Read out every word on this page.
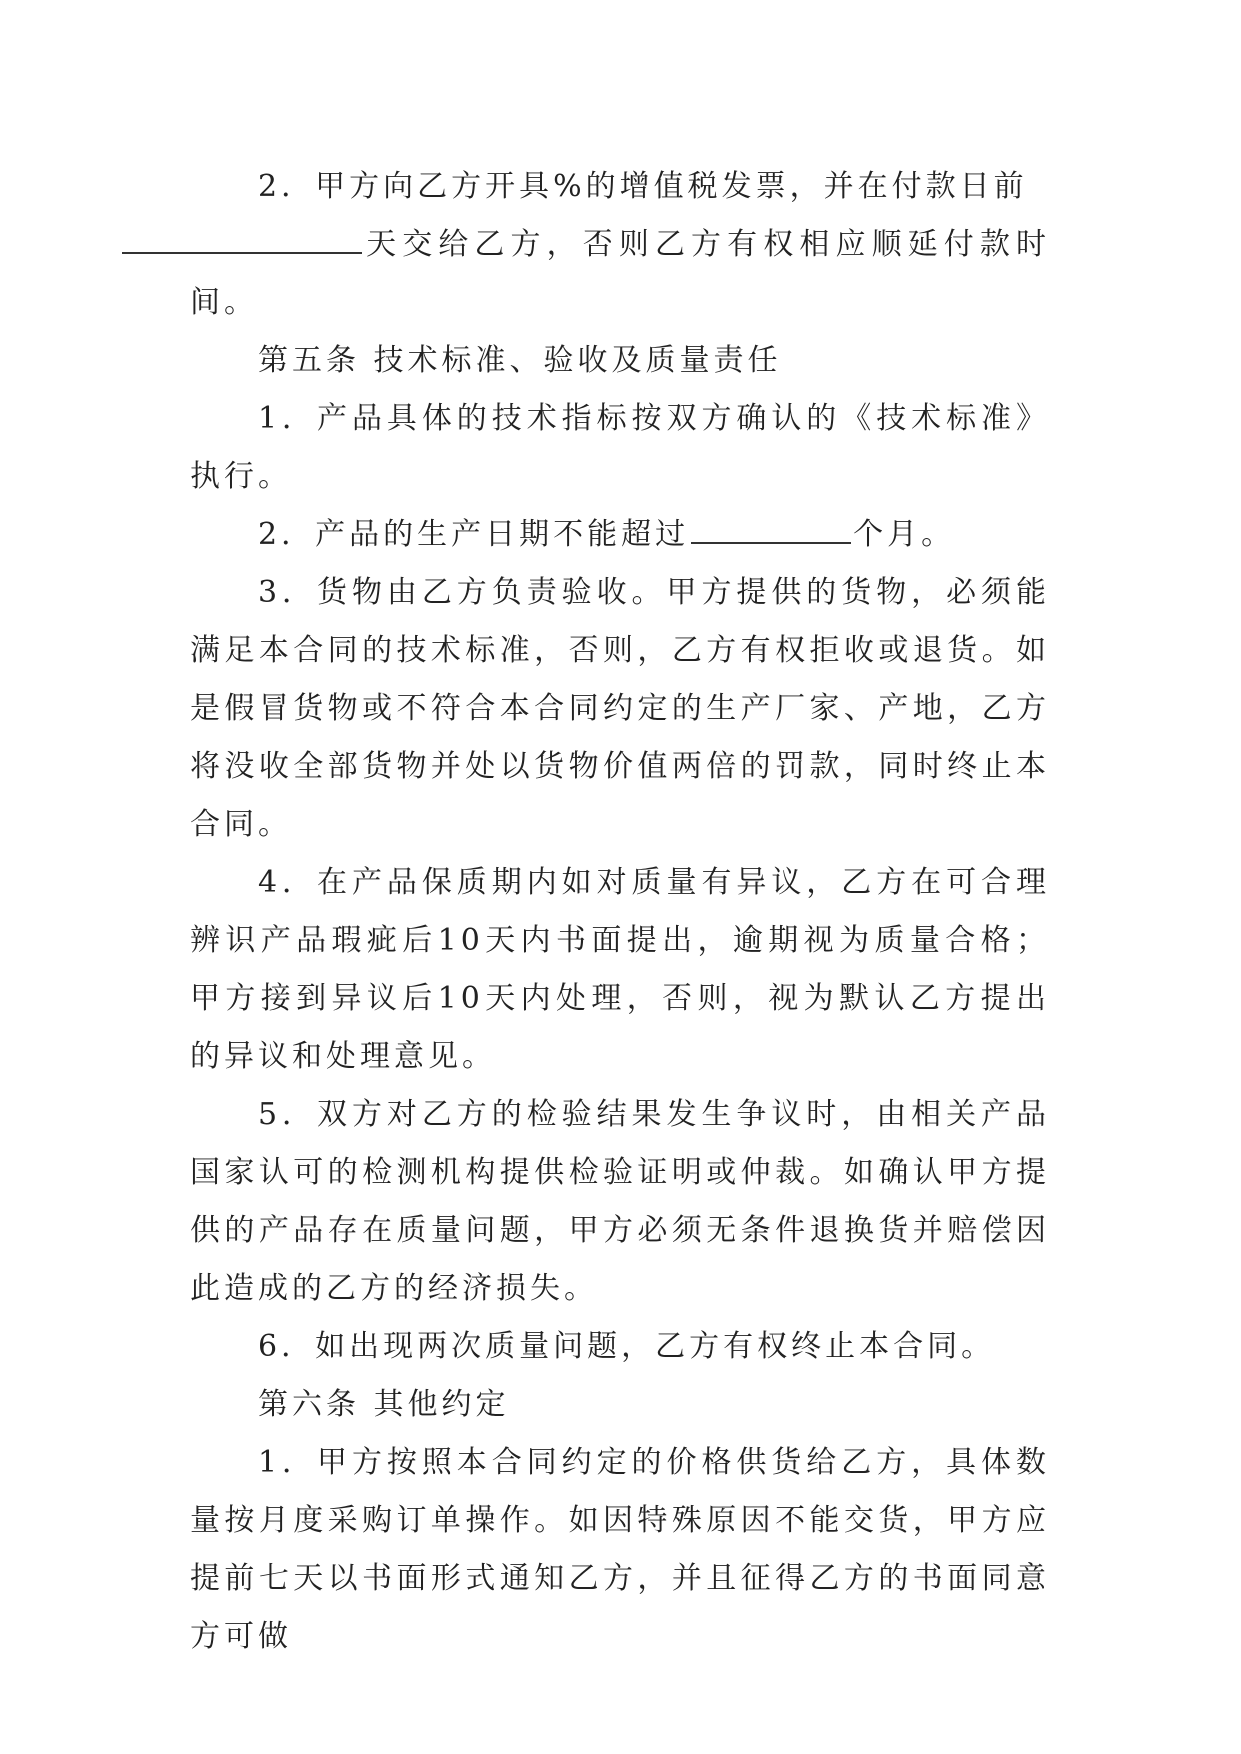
2．甲方向乙方开具%的增值税发票，并在付款日前
天交给乙方，否则乙方有权相应顺延付款时间。

第五条 技术标准、验收及质量责任

1．产品具体的技术指标按双方确认的《技术标准》执行。

2．产品的生产日期不能超过	个月。

3．货物由乙方负责验收。甲方提供的货物，必须能满足本合同的技术标准，否则，乙方有权拒收或退货。如是假冒货物或不符合本合同约定的生产厂家、产地，乙方将没收全部货物并处以货物价值两倍的罚款，同时终止本合同。

4．在产品保质期内如对质量有异议，乙方在可合理辨识产品瑕疵后10天内书面提出，逾期视为质量合格；甲方接到异议后10天内处理，否则，视为默认乙方提出的异议和处理意见。

5．双方对乙方的检验结果发生争议时，由相关产品国家认可的检测机构提供检验证明或仲裁。如确认甲方提供的产品存在质量问题，甲方必须无条件退换货并赔偿因此造成的乙方的经济损失。

6．如出现两次质量问题，乙方有权终止本合同。

第六条 其他约定

1．甲方按照本合同约定的价格供货给乙方，具体数量按月度采购订单操作。如因特殊原因不能交货，甲方应提前七天以书面形式通知乙方，并且征得乙方的书面同意方可做
